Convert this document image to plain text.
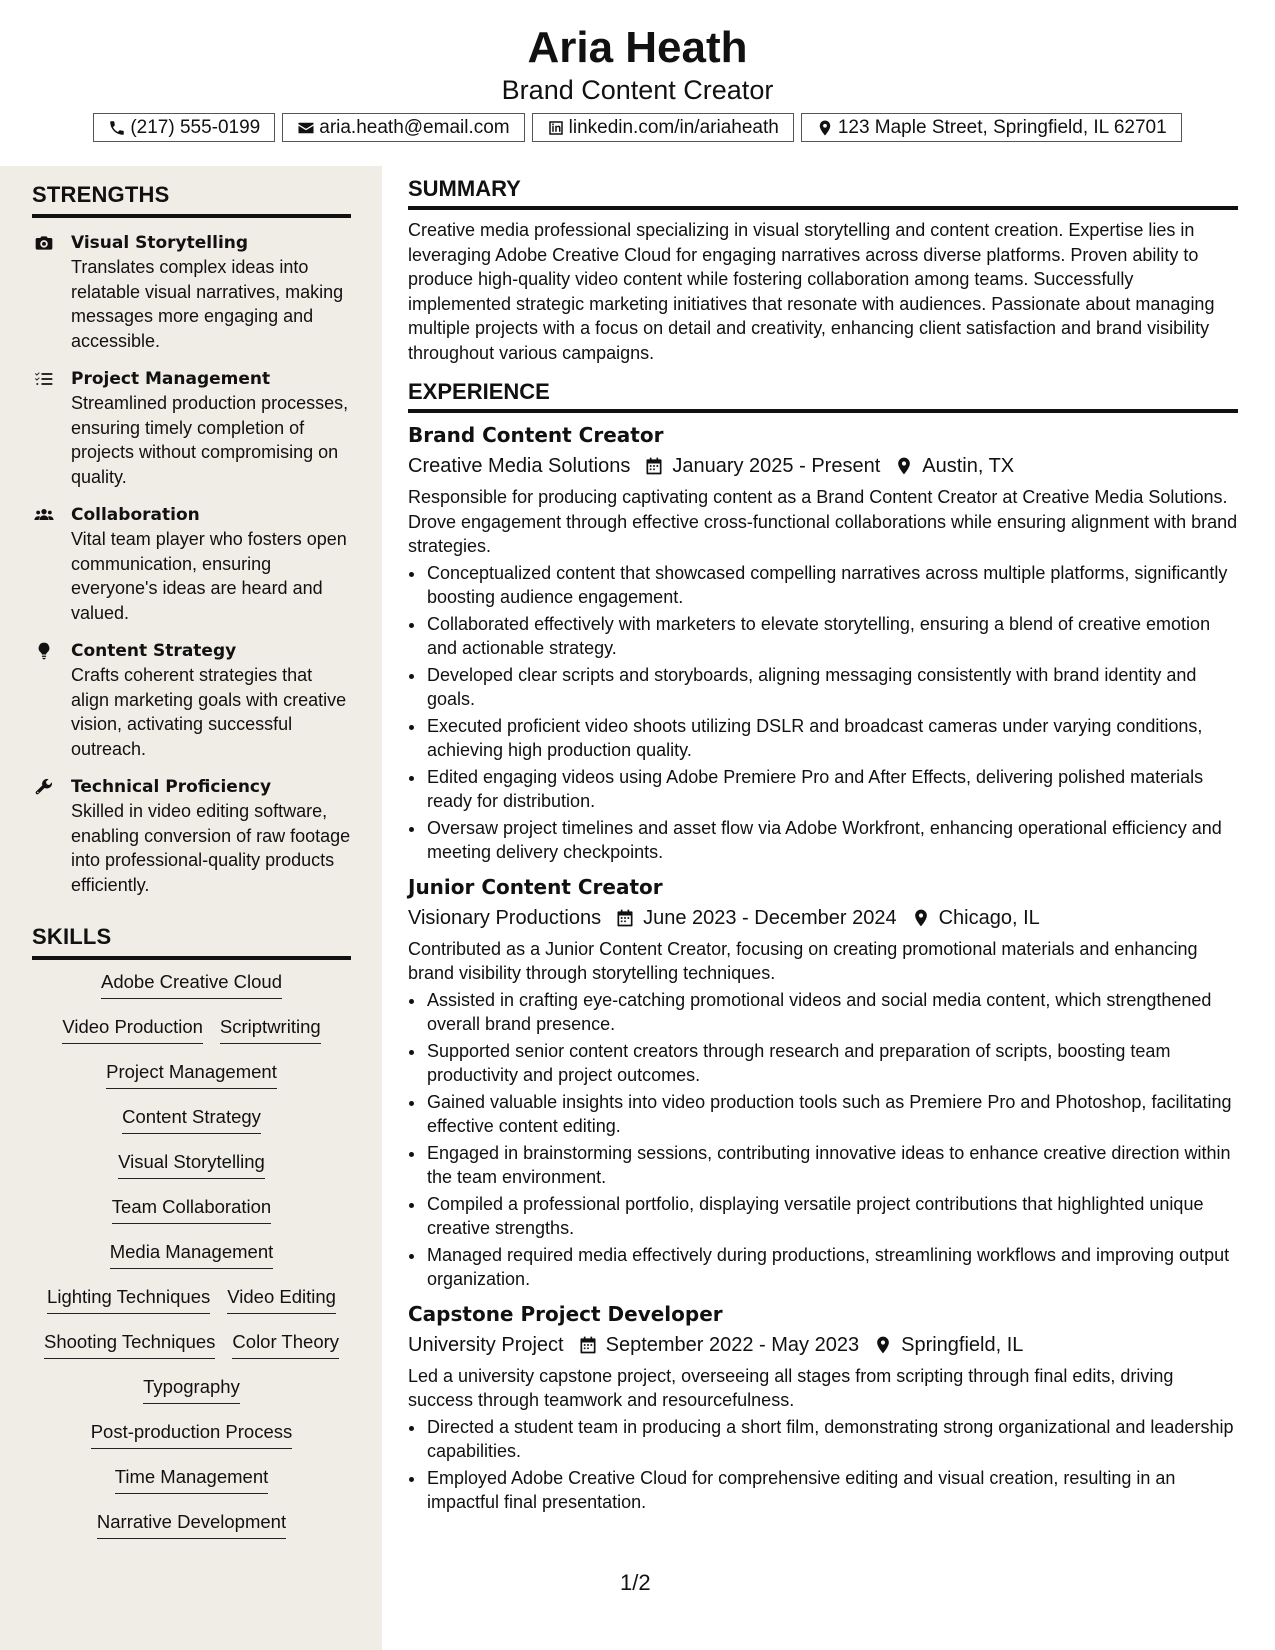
Aria Heath
Brand Content Creator
(217) 555-0199	aria.heath@email.com	linkedin.com/in/ariaheath	123 Maple Street, Springfield, IL 62701
STRENGTHS
Visual Storytelling
Translates complex ideas into relatable visual narratives, making messages more engaging and accessible.
Project Management
Streamlined production processes, ensuring timely completion of projects without compromising on quality.
Collaboration
Vital team player who fosters open communication, ensuring everyone's ideas are heard and valued.
Content Strategy
Crafts coherent strategies that align marketing goals with creative vision, activating successful outreach.
Technical Proficiency
Skilled in video editing software, enabling conversion of raw footage into professional-quality products efficiently.
SKILLS
Adobe Creative Cloud
Video Production Scriptwriting
Project Management
Content Strategy
Visual Storytelling
Team Collaboration
Media Management
Lighting Techniques Video Editing
Shooting Techniques Color Theory
Typography
Post-production Process
Time Management
Narrative Development
SUMMARY
Creative media professional specializing in visual storytelling and content creation. Expertise lies in leveraging Adobe Creative Cloud for engaging narratives across diverse platforms. Proven ability to produce high-quality video content while fostering collaboration among teams. Successfully implemented strategic marketing initiatives that resonate with audiences. Passionate about managing multiple projects with a focus on detail and creativity, enhancing client satisfaction and brand visibility throughout various campaigns.
EXPERIENCE
Brand Content Creator
Creative Media Solutions January 2025 - Present Austin, TX
Responsible for producing captivating content as a Brand Content Creator at Creative Media Solutions. Drove engagement through effective cross-functional collaborations while ensuring alignment with brand strategies.
• Conceptualized content that showcased compelling narratives across multiple platforms, significantly boosting audience engagement.
• Collaborated effectively with marketers to elevate storytelling, ensuring a blend of creative emotion and actionable strategy.
• Developed clear scripts and storyboards, aligning messaging consistently with brand identity and goals.
• Executed proficient video shoots utilizing DSLR and broadcast cameras under varying conditions, achieving high production quality.
• Edited engaging videos using Adobe Premiere Pro and After Effects, delivering polished materials ready for distribution.
• Oversaw project timelines and asset flow via Adobe Workfront, enhancing operational efficiency and meeting delivery checkpoints.
Junior Content Creator
Visionary Productions June 2023 - December 2024 Chicago, IL
Contributed as a Junior Content Creator, focusing on creating promotional materials and enhancing brand visibility through storytelling techniques.
• Assisted in crafting eye-catching promotional videos and social media content, which strengthened overall brand presence.
• Supported senior content creators through research and preparation of scripts, boosting team productivity and project outcomes.
• Gained valuable insights into video production tools such as Premiere Pro and Photoshop, facilitating effective content editing.
• Engaged in brainstorming sessions, contributing innovative ideas to enhance creative direction within the team environment.
• Compiled a professional portfolio, displaying versatile project contributions that highlighted unique creative strengths.
• Managed required media effectively during productions, streamlining workflows and improving output organization.
Capstone Project Developer
University Project September 2022 - May 2023 Springfield, IL
Led a university capstone project, overseeing all stages from scripting through final edits, driving success through teamwork and resourcefulness.
• Directed a student team in producing a short film, demonstrating strong organizational and leadership capabilities.
• Employed Adobe Creative Cloud for comprehensive editing and visual creation, resulting in an impactful final presentation.
1/2
